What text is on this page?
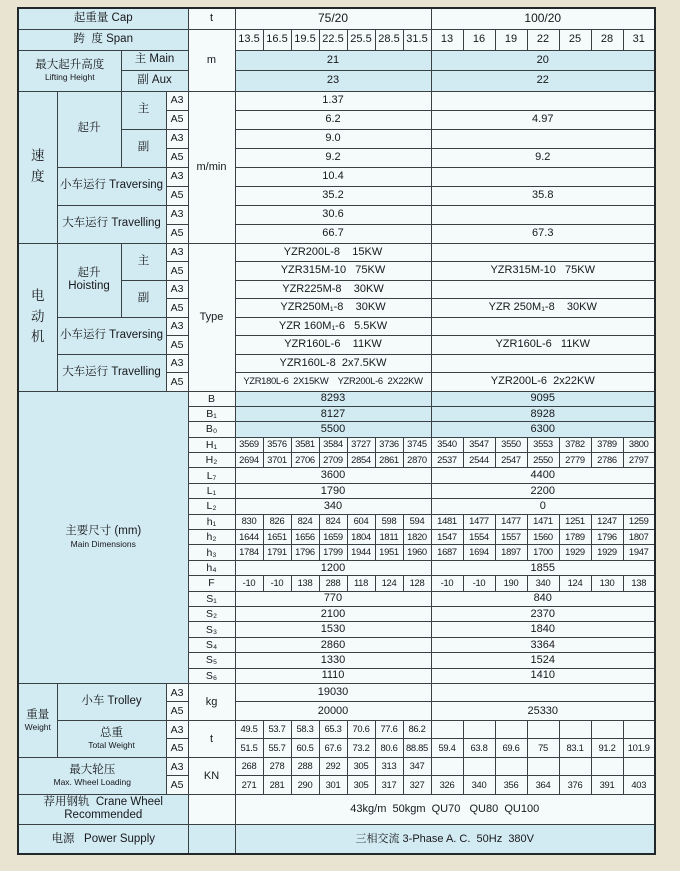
起重量 Cap				t	75/20							100/20						

跨  度 Span				m	13.5	16.5	19.5	22.5	25.5	28.5	31.5	13	16	19	22	25	28	31

最大起升高度
Lifting Height		主 Main			21							20						

		副 Aux			23							22						

速度	起升	主	A3	m/min	1.37													

			A5		6.2							4.97						

		副	A3		9.0													

			A5		9.2							9.2						

	小车运行 Traversing		A3		10.4													

			A5		35.2							35.8						

	大车运行 Travelling		A3		30.6													

			A5		66.7							67.3						

电动机	起升 Hoisting	主	A3	Type	YZR200L-8    15KW													

			A5		YZR315M-10   75KW							YZR315M-10   75KW						

		副	A3		YZR225M-8    30KW													

			A5		YZR250M₁-8    30KW							YZR 250M₁-8    30KW						

	小车运行 Traversing		A3		YZR 160M₁-6   5.5KW													

			A5		YZR160L-6    11KW							YZR160L-6   11KW						

	大车运行 Travelling		A3		YZR160L-8  2x7.5KW													

			A5		YZR180L-6  2X15KW    YZR200L-6  2X22KW							YZR200L-6  2x22KW						

主要尺寸 (mm)
Main Dimensions				B	8293							9095						

				B₁	8127							8928						

				B₀	5500							6300						

				H₁	3569	3576	3581	3584	3727	3736	3745	3540	3547	3550	3553	3782	3789	3800

				H₂	2694	3701	2706	2709	2854	2861	2870	2537	2544	2547	2550	2779	2786	2797

				L₇	3600							4400						

				L₁	1790							2200						

				L₂	340							0						

				h₁	830	826	824	824	604	598	594	1481	1477	1477	1471	1251	1247	1259

				h₂	1644	1651	1656	1659	1804	1811	1820	1547	1554	1557	1560	1789	1796	1807

				h₃	1784	1791	1796	1799	1944	1951	1960	1687	1694	1897	1700	1929	1929	1947

				h₄	1200							1855						

				F	-10	-10	138	288	118	124	128	-10	-10	190	340	124	130	138

				S₁	770							840						

				S₂	2100							2370						

				S₃	1530							1840						

				S₄	2860							3364						

				S₅	1330							1524						

				S₆	1110							1410						

重量
Weight	小车 Trolley		A3	kg	19030													

			A5		20000							25330						

	总重
Total Weight		A3	t	49.5	53.7	58.3	65.3	70.6	77.6	86.2							

			A5		51.5	55.7	60.5	67.6	73.2	80.6	88.85	59.4	63.8	69.6	75	83.1	91.2	101.9

最大轮压
Max. Wheel Loading			A3	KN	268	278	288	292	305	313	347							

			A5		271	281	290	301	305	317	327	326	340	356	364	376	391	403

荐用钢轨  Crane Wheel Recommended					43kg/m  50kgm  QU70   QU80  QU100													

电源   Power Supply					三相交流 3-Phase A. C.  50Hz  380V													
